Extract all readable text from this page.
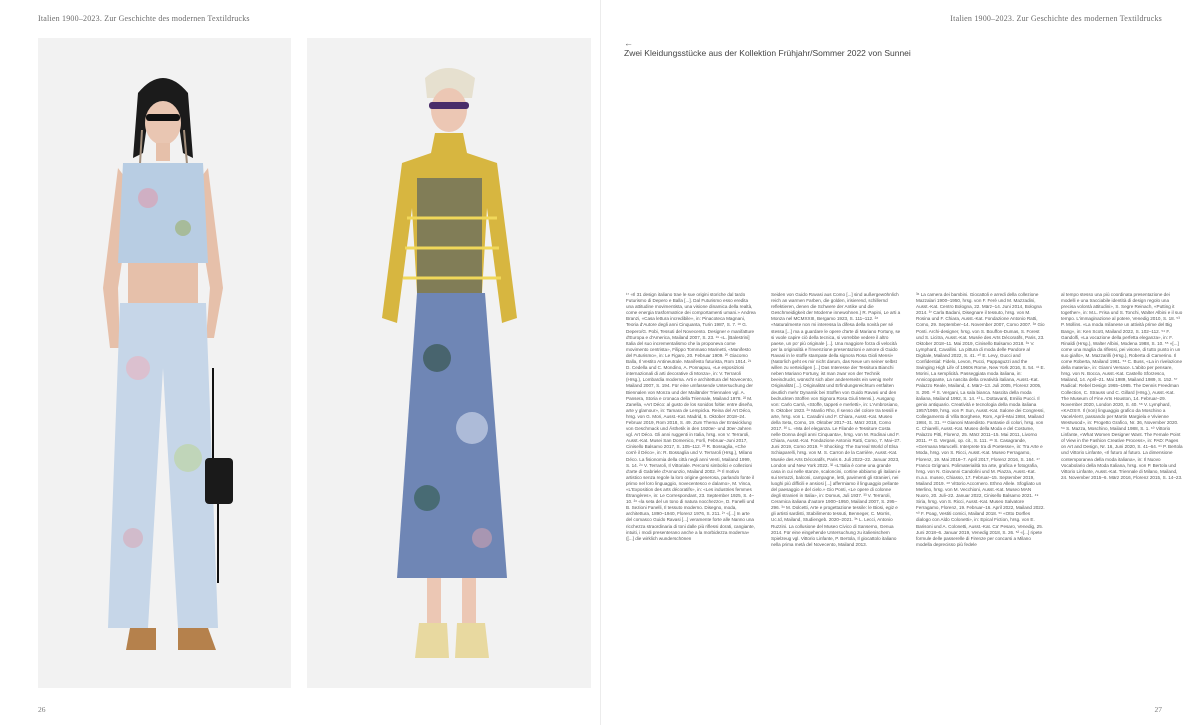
Italien 1900–2023. Zur Geschichte des modernen Textildrucks	Italien 1900–2023. Zur Geschichte des modernen Textildrucks
←
Zwei Kleidungsstücke aus der Kollektion Frühjahr/Sommer 2022 von Sunnei
¹⁷ «Il 31 design italiano trae le sue origini storiche dal tardo Futurismo di Depero e Balla [...]. Dal Futurismo esso eredita una attitudine movimentista, una visione dinamica della realtà, come energia trasformatrice dei comportamenti umani.» Andrea Branzi, «Casa lettura incredibile», in: Pinacoteca Magnani, Teoria d'Autore degli anni Cinquanta, Turin 1987, S. 7. ¹⁸ G. Depero/G. Pobi, Tessuti del Novecento. Designer e manifatture d'Europa e d'America, Mailand 2007, S. 23. ¹⁹ «L. [Balestrini] Italia del suo incrementalismo che la proponeva come movimento centrista», Filippo Tommaso Marinetti, «Manifesto del Futurismo», in: Le Figaro, 20. Februar 1909. ²⁰ Giacomo Balla, Il Vestito Antineutrale. Manifesto futurista, Rom 1914. ²¹ D. Cedella und C. Mondino, A. Ponnapuu, «Le esposizioni internazionali di arti decorative di Monza», in: V. Terraroli (Hrsg.), Lombardia moderna. Arti e architettura del Novecento, Mailand 2007, S. 194. Für eine umfassende Untersuchung der Biennalen von Monza und der Mailänder Triennalen vgl. A. Pansera, Storia e cronaca della Triennale, Mailand 1978. ²² M. Zanella, «Art Déco: al gusto de los sonidos foltie: entre diseño, arte y glamour», in: Tamara de Lempicka. Reina del Art Déco, hrsg. von G. Mori, Ausst.-Kat. Madrid, 5. Oktober 2018–24. Februar 2019, Rom 2018, S. 49. Zum Thema der Entwicklung von Geschmack und Ästhetik in den 1920er- und 30er-Jahren vgl. Art Déco. Gli anni ruggenti in Italia, hrsg. von V. Terraroli, Ausst.-Kat. Musei San Domenico, Forlì, Februar–Juni 2017, Cinisello Balsamo 2017, S. 105–112. ²³ R. Bossaglia, «Che cos'è il Déco», in: R. Bossaglia und V. Terraroli (Hrsg.), Milano Déco. La fisionomia della città negli anni Venti, Mailand 1999, S. 14. ²⁴ V. Terraroli, Il Vittoriale. Percorsi simbolici e collezioni d'arte di Gabriele d'Annunzio, Mailand 2002. ²⁵ Il motivo artistico senza regole la loro origine generosa, parlando fonte il primo nel loro linguaggio, novecentesco e dalamo», M. Vinca, «L'Exposition des arts décoratifs», in: «Les industries femmes Étrangères», in: Le Correspondant, 23. September 1925, S. 4–10. ²⁶ «la seta del un tono di natura nocchezzo», D. Fanelli und B. Sezioni Fanelli, Il tessuto moderno. Disegno, moda, architettura, 1890–1940, Florenz 1976, S. 211. ²⁷ «[...] In arte del comasco Guido Ravasi [...] veramente forte alle Nanno una ricchezza straordinaria di toni dalle più riflessi dorati, cangiante, intuiti, i modi presenterano anche a la morbidezza moderna» ([...] die wirklich wunderschönen
Seiden von Guido Ravasi aus Como [...] sind außergewöhnlich reich an warmen Farben, die golden, irisierend, schillernd reflektieren, denen die Schwere der Antike und die Geschmeidigkeit der Moderne innewohnen.) R. Papini, Le arti a Monza nel MCMXXIII, Bergamo 1923, S. 111–112. ²⁸ «Naturalmente non mi interessa la difesa della novità per sé stessa [...] ma a guardare le opere d'arte di Mariano Fortuny, se si vuole capire ciò della tecnica, si vorrebbe vedere il altro paese, un po' più originale [...]. Una maggiore forza di velocità per la originalità e l'invenzione presentazioni e amore di Guido Ravasi in le stoffe stampate della signora Rosa Gioli Mensi» (Natürlich geht es mir nicht darum, das Neue um seiner selbst willen zu verteidigen [...] Das Interesse der Tessitura Bianchi neben Mariano Fortuny, ist man zwar von der Technik beeindruckt, wünscht sich aber andererseits ein wenig mehr Originalität [...]. Originalität und Erfindungsreichtum entfalten deutlich mehr Dynamik bei Stoffen von Guido Ravasi und den bedruckten Stoffen von Signora Rosa Giuli Mensi.). Ausgang von: Carlo Carrà, «Stoffe, tappeti e merletti», in: L'Ambrosiano, 9. Oktober 1923. ²⁹ Manlio Rho, Il senso del colore tra tessili e arte, hrsg. von L. Caradini und F. Chiara, Ausst.-Kat. Museo della Seta, Como, 19. Oktober 2017–31. März 2018, Como 2017. ³⁰ L. «Ma del eleganza. Le Filande e Tessiture Costa nelle Donna degli anni Cinquanta», hrsg. von M. Rodinai und F. Chiara, Ausst.-Kat. Fondazione Antonio Ratti, Como, 7. Mai–27. Juni 2019, Como 2019. ³¹ Shocking: The Surreal World of Elsa Schiaparelli, hrsg. von M. S. Carron de la Carrière, Ausst.-Kat. Musée des Arts Décoratifs, Paris 6. Juli 2022–22. Januar 2023, London und New York 2022. ³² «L'Italia è come una grande casa in cui nelle stanze, scaloncini, cortine abbiamo gli italiani e sui terrazzi, balconi, campagne, letti, pavimenti gli stranieri, nei luoghi più difficili e ansiosi [...] affermiamo il linguaggio pellante del paesaggio e del cielo.» Gio Ponti, «Le opere di colonne degli stranieri in Italia», in: Domus, Juli 1937. ³³ V. Terraroli, Ceramica italiana d'autore 1900–1950, Mailand 2007, S. 295–296. ³⁴ M. Dolcetti, Arte e progettazione tessile: le Biosi, egiz e gli artisti sardisti, Stabilimento tessuti, Benneger, C. Morris, Uc.Id, Mailand, Studiengeb. 2020–2021. ³⁵ L. Lecci, Antonio Ruzzini. La collusione del Museo Civico di Sansemo, Genua 2014. Für eine eingehende Untersuchung zu italienischem Spielzeug vgl. Vittorio Linfante, P. Bertola, Il giocattolo italiano nella prima metà del Novecento, Mailand 2013.
³⁶ La camera dei bambini. Giocattoli e arredi della collezione Mazzalari 1900–1950, hrsg. von F. Ferè und M. Mazzadini, Ausst.-Kat. Centro Bologna, 22. März–14. Juni 2014, Bologna 2014. ³⁷ Carla Badani, Disegnare il tessuto, hrsg. von M. Rosina und F. Chiara, Ausst.-Kat. Fondazione Antonio Ratti, Como, 29. September–14. November 2007, Como 2007. ³⁸ Gio Ponti. Archi-designer, hrsg. von S. Bouffon-Dumas, S. Forest und S. Licitra, Ausst.-Kat. Musée des Arts Décoratifs, Paris, 23. Oktober 2018–11. Mai 2019, Cinisello Balsamo 2018. ³⁹ V. Lymphard, Cavallini. La pittura di moda delle Pandore al Digitale, Mailand 2022, S. 41. ⁴⁰ E. Levy, Gucci and Confidential: Fidelo, Levon, Pucci, Pappaguzzi and the Swinging High Life of 1960s Rome, New York 2016, S. 54. ⁴¹ E. Morini, La semplicità. Passeggiata moda italiana, in: Annicoppante, La nascita della creatività italiana, Ausst.-Kat. Palazzo Reale, Mailand, 4. März–13. Juli 2005, Florenz 2005, S. 290. ⁴² S. Vergani, La sala bianca. Nascita della moda italiana, Mailand 1992, S. 14. ⁴³ L. Dottavanti, Emilio Pucci. Il genio antiquario. Creatività e tecnologia della moda italiana 1957/1969, hrsg. von P. Sun, Ausst.-Kat. Salone dei Congressi, Collegamento di Villa Borghese, Rom, April–Mai 1984, Mailand 1984, S. 31. ⁴⁴ Gianoni Maredisto. Fantasie di colori, hrsg. von C. Chiarelli, Ausst.-Kat. Museo della Moda e del Costume, Palazzo Pitti, Florenz, 25. März 2011–15. Mai 2011, Livorno 2011. ⁴⁵ G. Vergani, op. cit., S. 111. ⁴⁶ S. Casagrande, «Germana Marucelli. Interprete tra di Poetesse», in: Tra Arte e Moda, hrsg. von S. Ricci, Ausst.-Kat. Museo Ferragamo, Florenz, 19. Mai 2016–7. April 2017, Florenz 2016, S. 164. ⁴⁷ Franco Grignani. Polimaterialità tra arte, grafica e fotografia, hrsg. von N. Giovanni Candolini und M. Piazza, Ausst.-Kat. m.a.x. museo, Chiasso, 17. Februar–15. September 2019, Mailand 2019. ⁴⁸ Vittorio Accornero. Ethno Allele. Sfogliato un Merlino, hrsg. von M. Vecchioni, Ausst.-Kat. Museo MAN Nuoro, 20. Juli–22. Januar 2022, Cinisello Balsamo 2021. ⁴⁹ Siria, hrsg. von S. Ricci, Ausst.-Kat. Museo Salvatore Ferragamo, Florenz, 19. Februar–16. April 2022, Mailand 2022. ⁵⁰ F. Poag, Vestiti comici, Mailand 2018. ⁵¹ «Otto Dorfles dialogo con Aldo Colonetti», in: Epical Fiction, hrsg. von E. Barisoni und A. Colonetti, Ausst.-Kat. Ca' Pesaro, Venedig, 25. Juni 2018–6. Januar 2019, Venedig 2018, S. 26. ⁵² «[...] ripete formule delle passerelle di Firenze per concarsi a Milano modella deprecisso più fedele
al tempo stesso una più coordinata presentazione dei modelli e una tracciabile identità di design regolo una precisa volontà attitudini», S. Segre Reinach, «Putting it together», in: M.L. Frisa und S. Tonchi, Walter Albini e il suo tempo. L'immaginazione al potere, Venedig 2010, S. 18. ⁵³ P. Mollins. «La moda milanese un attività prime del Big Bang», in: Ken Scott, Mailand 2022, S. 102–112. ⁵⁴ F. Gandolfi, «La vocazione della perfetta eleganza», in: F. Rinaldi (Hrsg.), Walter Albini, Modena 1988, S. 10. ⁵⁵ «[...] come una maglia da riflessi, pei visone, di tutto punto in un suo giallo», M. Mazzarilli (Hrsg.), Roberta di Camerino. Il come Roberta, Mailand 1961. ⁵⁶ C. Buss, «La in rivelazione della materia», in: Gianni Versace. L'abito per pensare, hrsg. von N. Bocca, Ausst.-Kat. Castello Sforzesco, Mailand, 14. April–21. Mai 1989, Mailand 1989, S. 152. ⁵⁷ Radical: Rebel Design 1965–1985. The Dennis Freedman Collection, C. Strauss und C. Gillard (Hrsg.), Ausst.-Kat. The Museum of Fine Arts Houston, 14. Februar–29. November 2020, London 2020, S. 40. ⁵⁸ V. Lymphard, «KAOS!!!. Il (non) linguaggio grafico da Moschino a VacelAlert!, passando per Martin Margiela e Vivienne Westwood», in: Progetto Grafico, Nr. 36, November 2020. ⁵⁹ S. Mazza, Moschino, Mailand 1988, S. 1. ⁶⁰ Vittorio Linfante, «What Women Designer Want. The Female Point of View in the Fashion Creative Process», in: PAD: Pages on Art and Design, Nr. 16, Juni 2020, S. 41–64. ⁶¹ P. Bertola und Vittorio Linfante, «Il futuro al futuro. La dimensione contemporanea della moda italiana», in: Il Nuovo Vocabolario della Moda Italiana, hrsg. von P. Bertola und Vittorio Linfante, Ausst.-Kat. Triennale di Milano, Mailand, 24. November 2015–6. März 2016, Florenz 2015, S. 14–23.
26	27
